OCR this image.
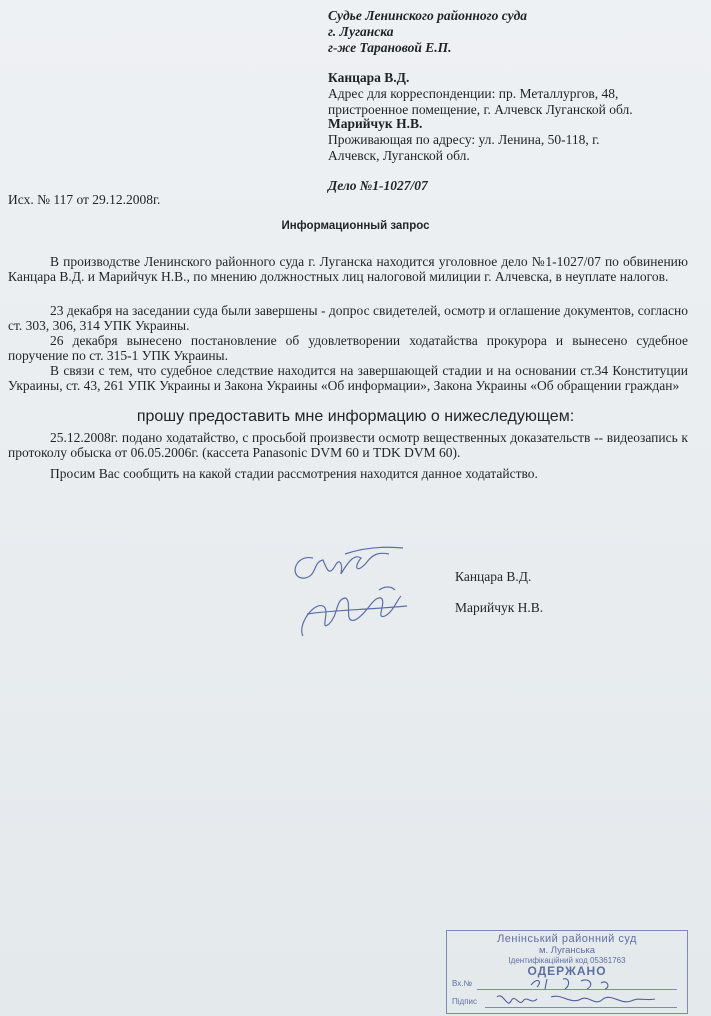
Судье Ленинского районного суда
г. Луганска
г-же Тарановой Е.П.
Канцара В.Д.
Адрес для корреспонденции: пр. Металлургов, 48,
пристроенное помещение, г. Алчевск Луганской обл.
Марийчук Н.В.
Проживающая по адресу: ул. Ленина, 50-118, г.
Алчевск, Луганской обл.
Дело №1-1027/07
Исх. № 117 от 29.12.2008г.
Информационный запрос

В производстве Ленинского районного суда г. Луганска находится уголовное дело №1-1027/07 по обвинению Канцара В.Д. и Марийчук Н.В., по мнению должностных лиц налоговой милиции г. Алчевска, в неуплате налогов.

23 декабря на заседании суда были завершены - допрос свидетелей, осмотр и оглашение документов, согласно ст. 303, 306, 314 УПК Украины.

26 декабря вынесено постановление об удовлетворении ходатайства прокурора и вынесено судебное поручение по ст. 315-1 УПК Украины.

В связи с тем, что судебное следствие находится на завершающей стадии и на основании ст.34 Конституции Украины, ст. 43, 261 УПК Украины и Закона Украины «Об информации», Закона Украины «Об обращении граждан»

прошу предоставить мне информацию о нижеследующем:

25.12.2008г. подано ходатайство, с просьбой произвести осмотр вещественных доказательств -- видеозапись к протоколу обыска от 06.05.2006г. (кассета Panasonic DVM 60 и TDK DVM 60).

Просим Вас сообщить на какой стадии рассмотрения находится данное ходатайство.

Канцара В.Д.
Марийчук Н.В.
Ленінський районний суд
м. Луганська
Ідентифікаційний код 05361763
ОДЕРЖАНО
Вх.№
Підпис
